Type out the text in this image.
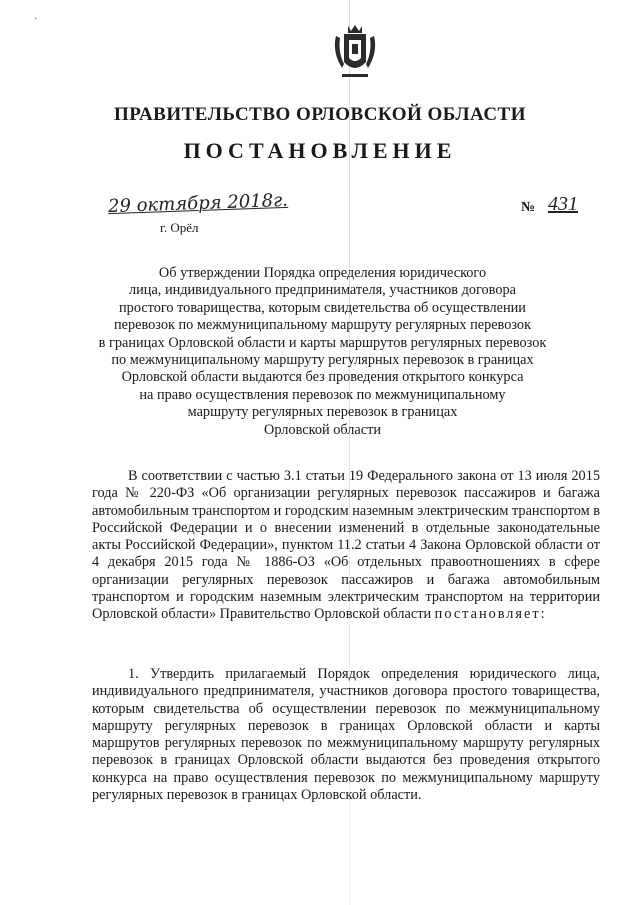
·
ПРАВИТЕЛЬСТВО ОРЛОВСКОЙ ОБЛАСТИ
ПОСТАНОВЛЕНИЕ
29 октября 2018г.	№ 431
г. Орёл
Об утверждении Порядка определения юридического
лица, индивидуального предпринимателя, участников договора
простого товарищества, которым свидетельства об осуществлении
перевозок по межмуниципальному маршруту регулярных перевозок
в границах Орловской области и карты маршрутов регулярных перевозок
по межмуниципальному маршруту регулярных перевозок в границах
Орловской области выдаются без проведения открытого конкурса
на право осуществления перевозок по межмуниципальному
маршруту регулярных перевозок в границах
Орловской области
В соответствии с частью 3.1 статьи 19 Федерального закона от 13 июля 2015 года № 220-ФЗ «Об организации регулярных перевозок пассажиров и багажа автомобильным транспортом и городским наземным электрическим транспортом в Российской Федерации и о внесении изменений в отдельные законодательные акты Российской Федерации», пунктом 11.2 статьи 4 Закона Орловской области от 4 декабря 2015 года № 1886-ОЗ «Об отдельных правоотношениях в сфере организации регулярных перевозок пассажиров и багажа автомобильным транспортом и городским наземным электрическим транспортом на территории Орловской области» Правительство Орловской области постановляет:
1. Утвердить прилагаемый Порядок определения юридического лица, индивидуального предпринимателя, участников договора простого товарищества, которым свидетельства об осуществлении перевозок по межмуниципальному маршруту регулярных перевозок в границах Орловской области и карты маршрутов регулярных перевозок по межмуниципальному маршруту регулярных перевозок в границах Орловской области выдаются без проведения открытого конкурса на право осуществления перевозок по межмуниципальному маршруту регулярных перевозок в границах Орловской области.
